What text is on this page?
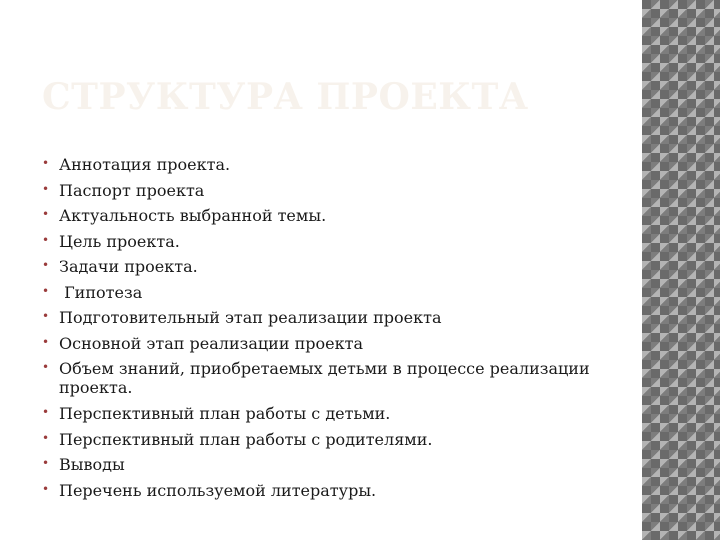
СТРУКТУРА ПРОЕКТА
• Аннотация проекта.
• Паспорт проекта
• Актуальность выбранной темы.
• Цель проекта.
• Задачи проекта.
•  Гипотеза
• Подготовительный этап реализации проекта
• Основной этап реализации проекта
• Объем знаний, приобретаемых детьми в процессе реализации проекта.
• Перспективный план работы с детьми.
• Перспективный план работы с родителями.
• Выводы
• Перечень используемой литературы.
